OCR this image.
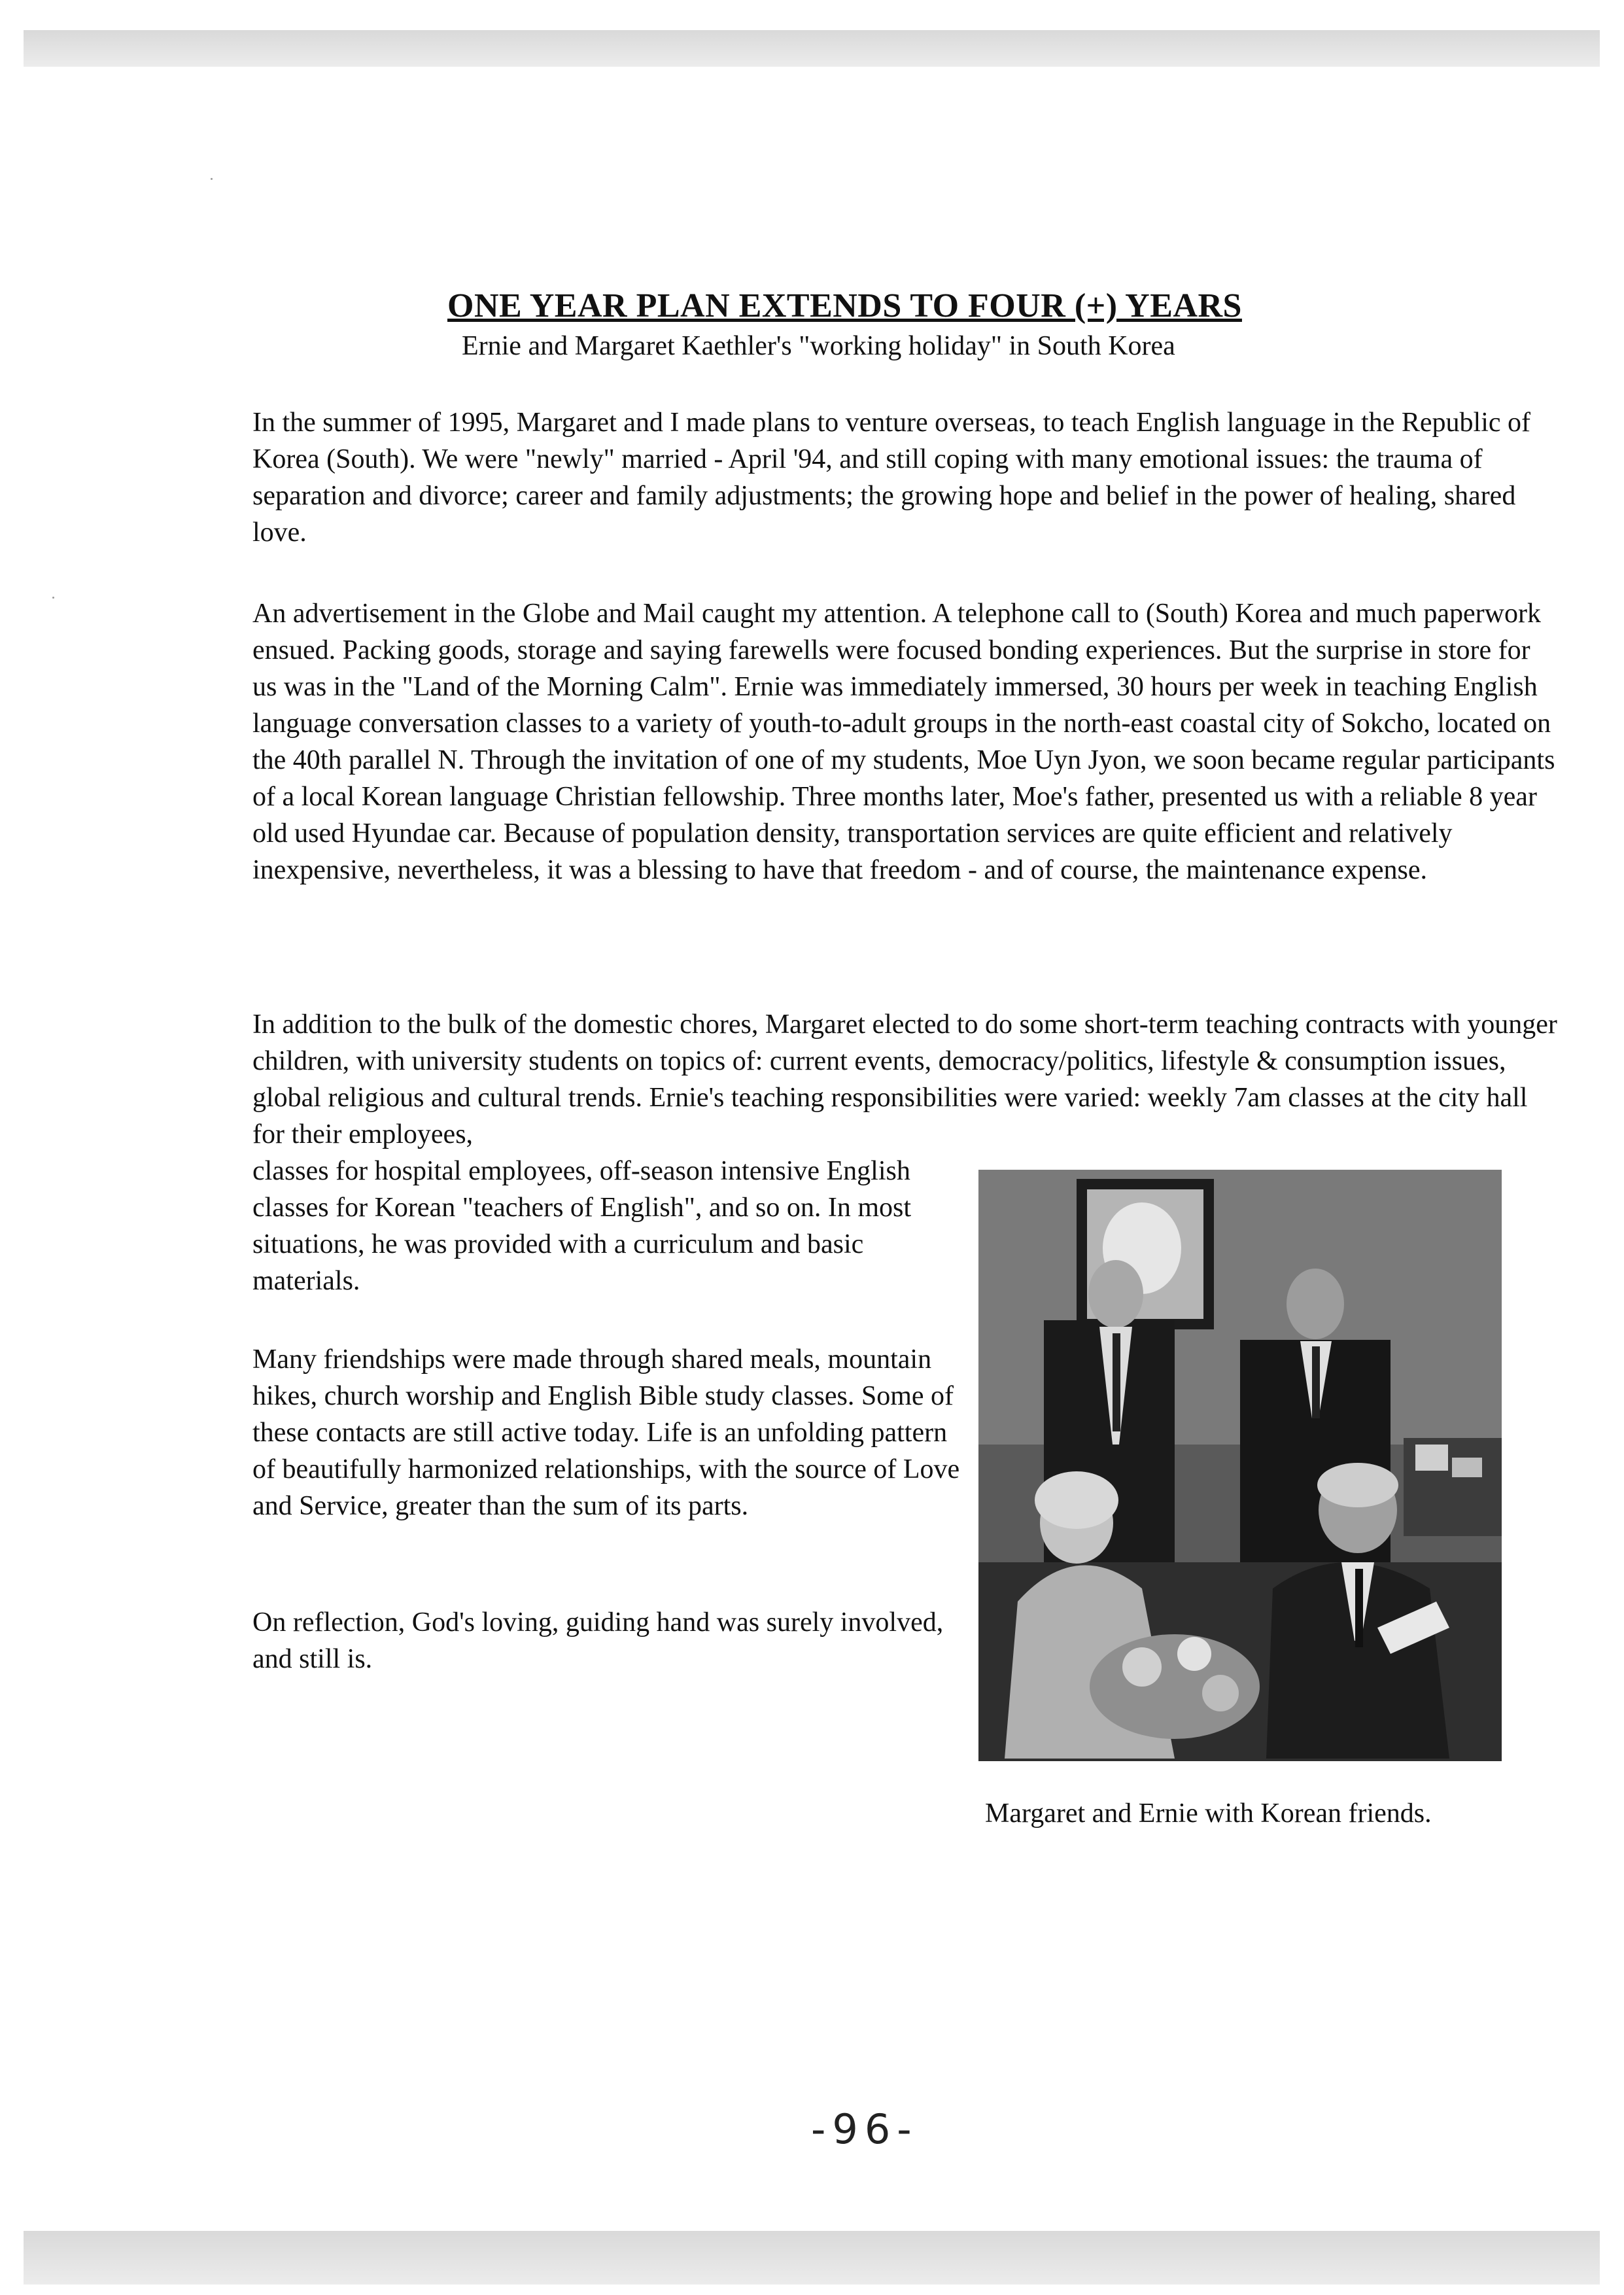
ONE YEAR PLAN EXTENDS TO FOUR (+) YEARS

Ernie and Margaret Kaethler's "working holiday" in South Korea

In the summer of 1995, Margaret and I made plans to venture overseas, to teach English language in the Republic of Korea (South). We were "newly" married - April '94, and still coping with many emotional issues: the trauma of separation and divorce; career and family adjustments; the growing hope and belief in the power of healing, shared love.

An advertisement in the Globe and Mail caught my attention. A telephone call to (South) Korea and much paperwork ensued. Packing goods, storage and saying farewells were focused bonding experiences. But the surprise in store for us was in the "Land of the Morning Calm". Ernie was immediately immersed, 30 hours per week in teaching English language conversation classes to a variety of youth-to-adult groups in the north-east coastal city of Sokcho, located on the 40th parallel N. Through the invitation of one of my students, Moe Uyn Jyon, we soon became regular participants of a local Korean language Christian fellowship. Three months later, Moe's father, presented us with a reliable 8 year old used Hyundae car. Because of population density, transportation services are quite efficient and relatively inexpensive, nevertheless, it was a blessing to have that freedom - and of course, the maintenance expense.

In addition to the bulk of the domestic chores, Margaret elected to do some short-term teaching contracts with younger children, with university students on topics of: current events, democracy/politics, lifestyle & consumption issues, global religious and cultural trends. Ernie's teaching responsibilities were varied: weekly 7am classes at the city hall for their employees,

classes for hospital employees, off-season intensive English classes for Korean "teachers of English", and so on. In most situations, he was provided with a curriculum and basic materials.

Many friendships were made through shared meals, mountain hikes, church worship and English Bible study classes. Some of these contacts are still active today. Life is an unfolding pattern of beautifully harmonized relationships, with the source of Love and Service, greater than the sum of its parts.

On reflection, God's loving, guiding hand was surely involved, and still is.

Margaret and Ernie with Korean friends.

-96-
